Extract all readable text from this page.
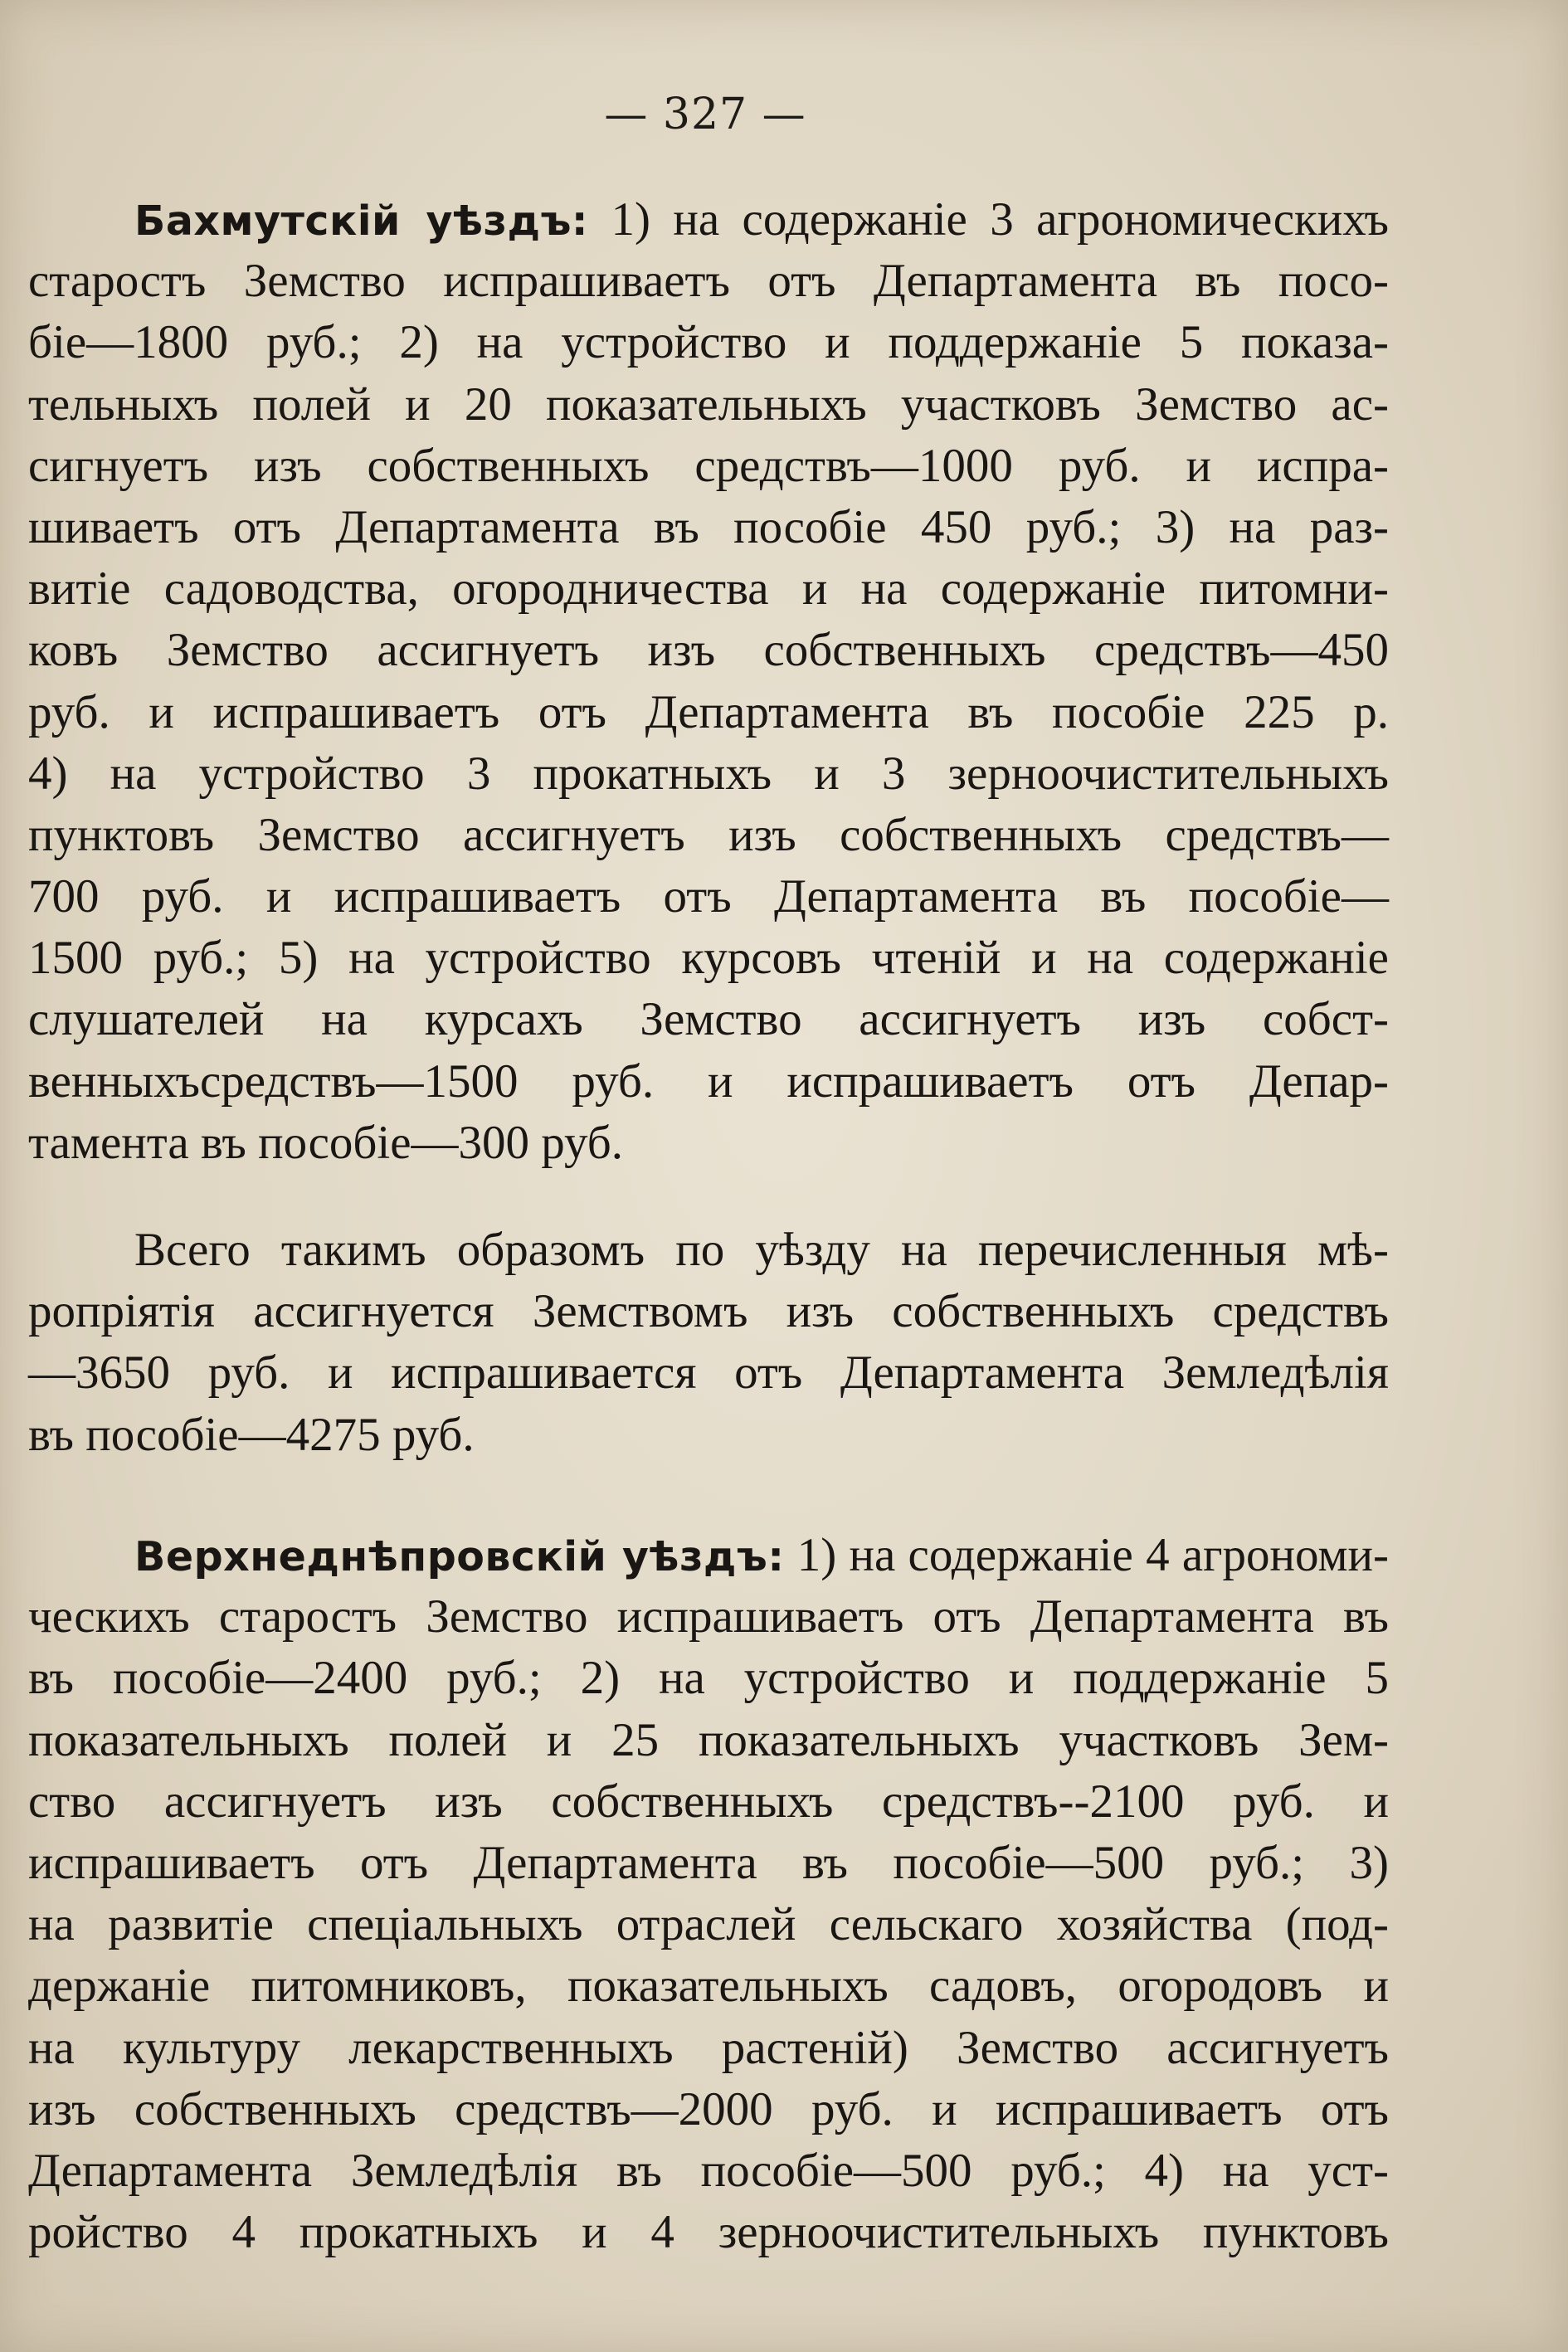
— 327 —
Бахмутскій уѣздъ: 1) на содержаніе 3 агрономическихъ
старостъ Земство испрашиваетъ отъ Департамента въ посо-
біе—1800 руб.; 2) на устройство и поддержаніе 5 показа-
тельныхъ полей и 20 показательныхъ участковъ Земство ас-
сигнуетъ изъ собственныхъ средствъ—1000 руб. и испра-
шиваетъ отъ Департамента въ пособіе 450 руб.; 3) на раз-
витіе садоводства, огородничества и на содержаніе питомни-
ковъ Земство ассигнуетъ изъ собственныхъ средствъ—450
руб. и испрашиваетъ отъ Департамента въ пособіе 225 р.
4) на устройство 3 прокатныхъ и 3 зерноочистительныхъ
пунктовъ Земство ассигнуетъ изъ собственныхъ средствъ—
700 руб. и испрашиваетъ отъ Департамента въ пособіе—
1500 руб.; 5) на устройство курсовъ чтеній и на содержаніе
слушателей на курсахъ Земство ассигнуетъ изъ собст-
венныхъсредствъ—1500 руб. и испрашиваетъ отъ Депар-
тамента въ пособіе—300 руб.
Всего такимъ образомъ по уѣзду на перечисленныя мѣ-
ропріятія ассигнуется Земствомъ изъ собственныхъ средствъ
—3650 руб. и испрашивается отъ Департамента Земледѣлія
въ пособіе—4275 руб.
Верхнеднѣпровскій уѣздъ: 1) на содержаніе 4 агрономи-
ческихъ старостъ Земство испрашиваетъ отъ Департамента въ
въ пособіе—2400 руб.; 2) на устройство и поддержаніе 5
показательныхъ полей и 25 показательныхъ участковъ Зем-
ство ассигнуетъ изъ собственныхъ средствъ--2100 руб. и
испрашиваетъ отъ Департамента въ пособіе—500 руб.; 3)
на развитіе спеціальныхъ отраслей сельскаго хозяйства (под-
держаніе питомниковъ, показательныхъ садовъ, огородовъ и
на культуру лекарственныхъ растеній) Земство ассигнуетъ
изъ собственныхъ средствъ—2000 руб. и испрашиваетъ отъ
Департамента Земледѣлія въ пособіе—500 руб.; 4) на уст-
ройство 4 прокатныхъ и 4 зерноочистительныхъ пунктовъ
